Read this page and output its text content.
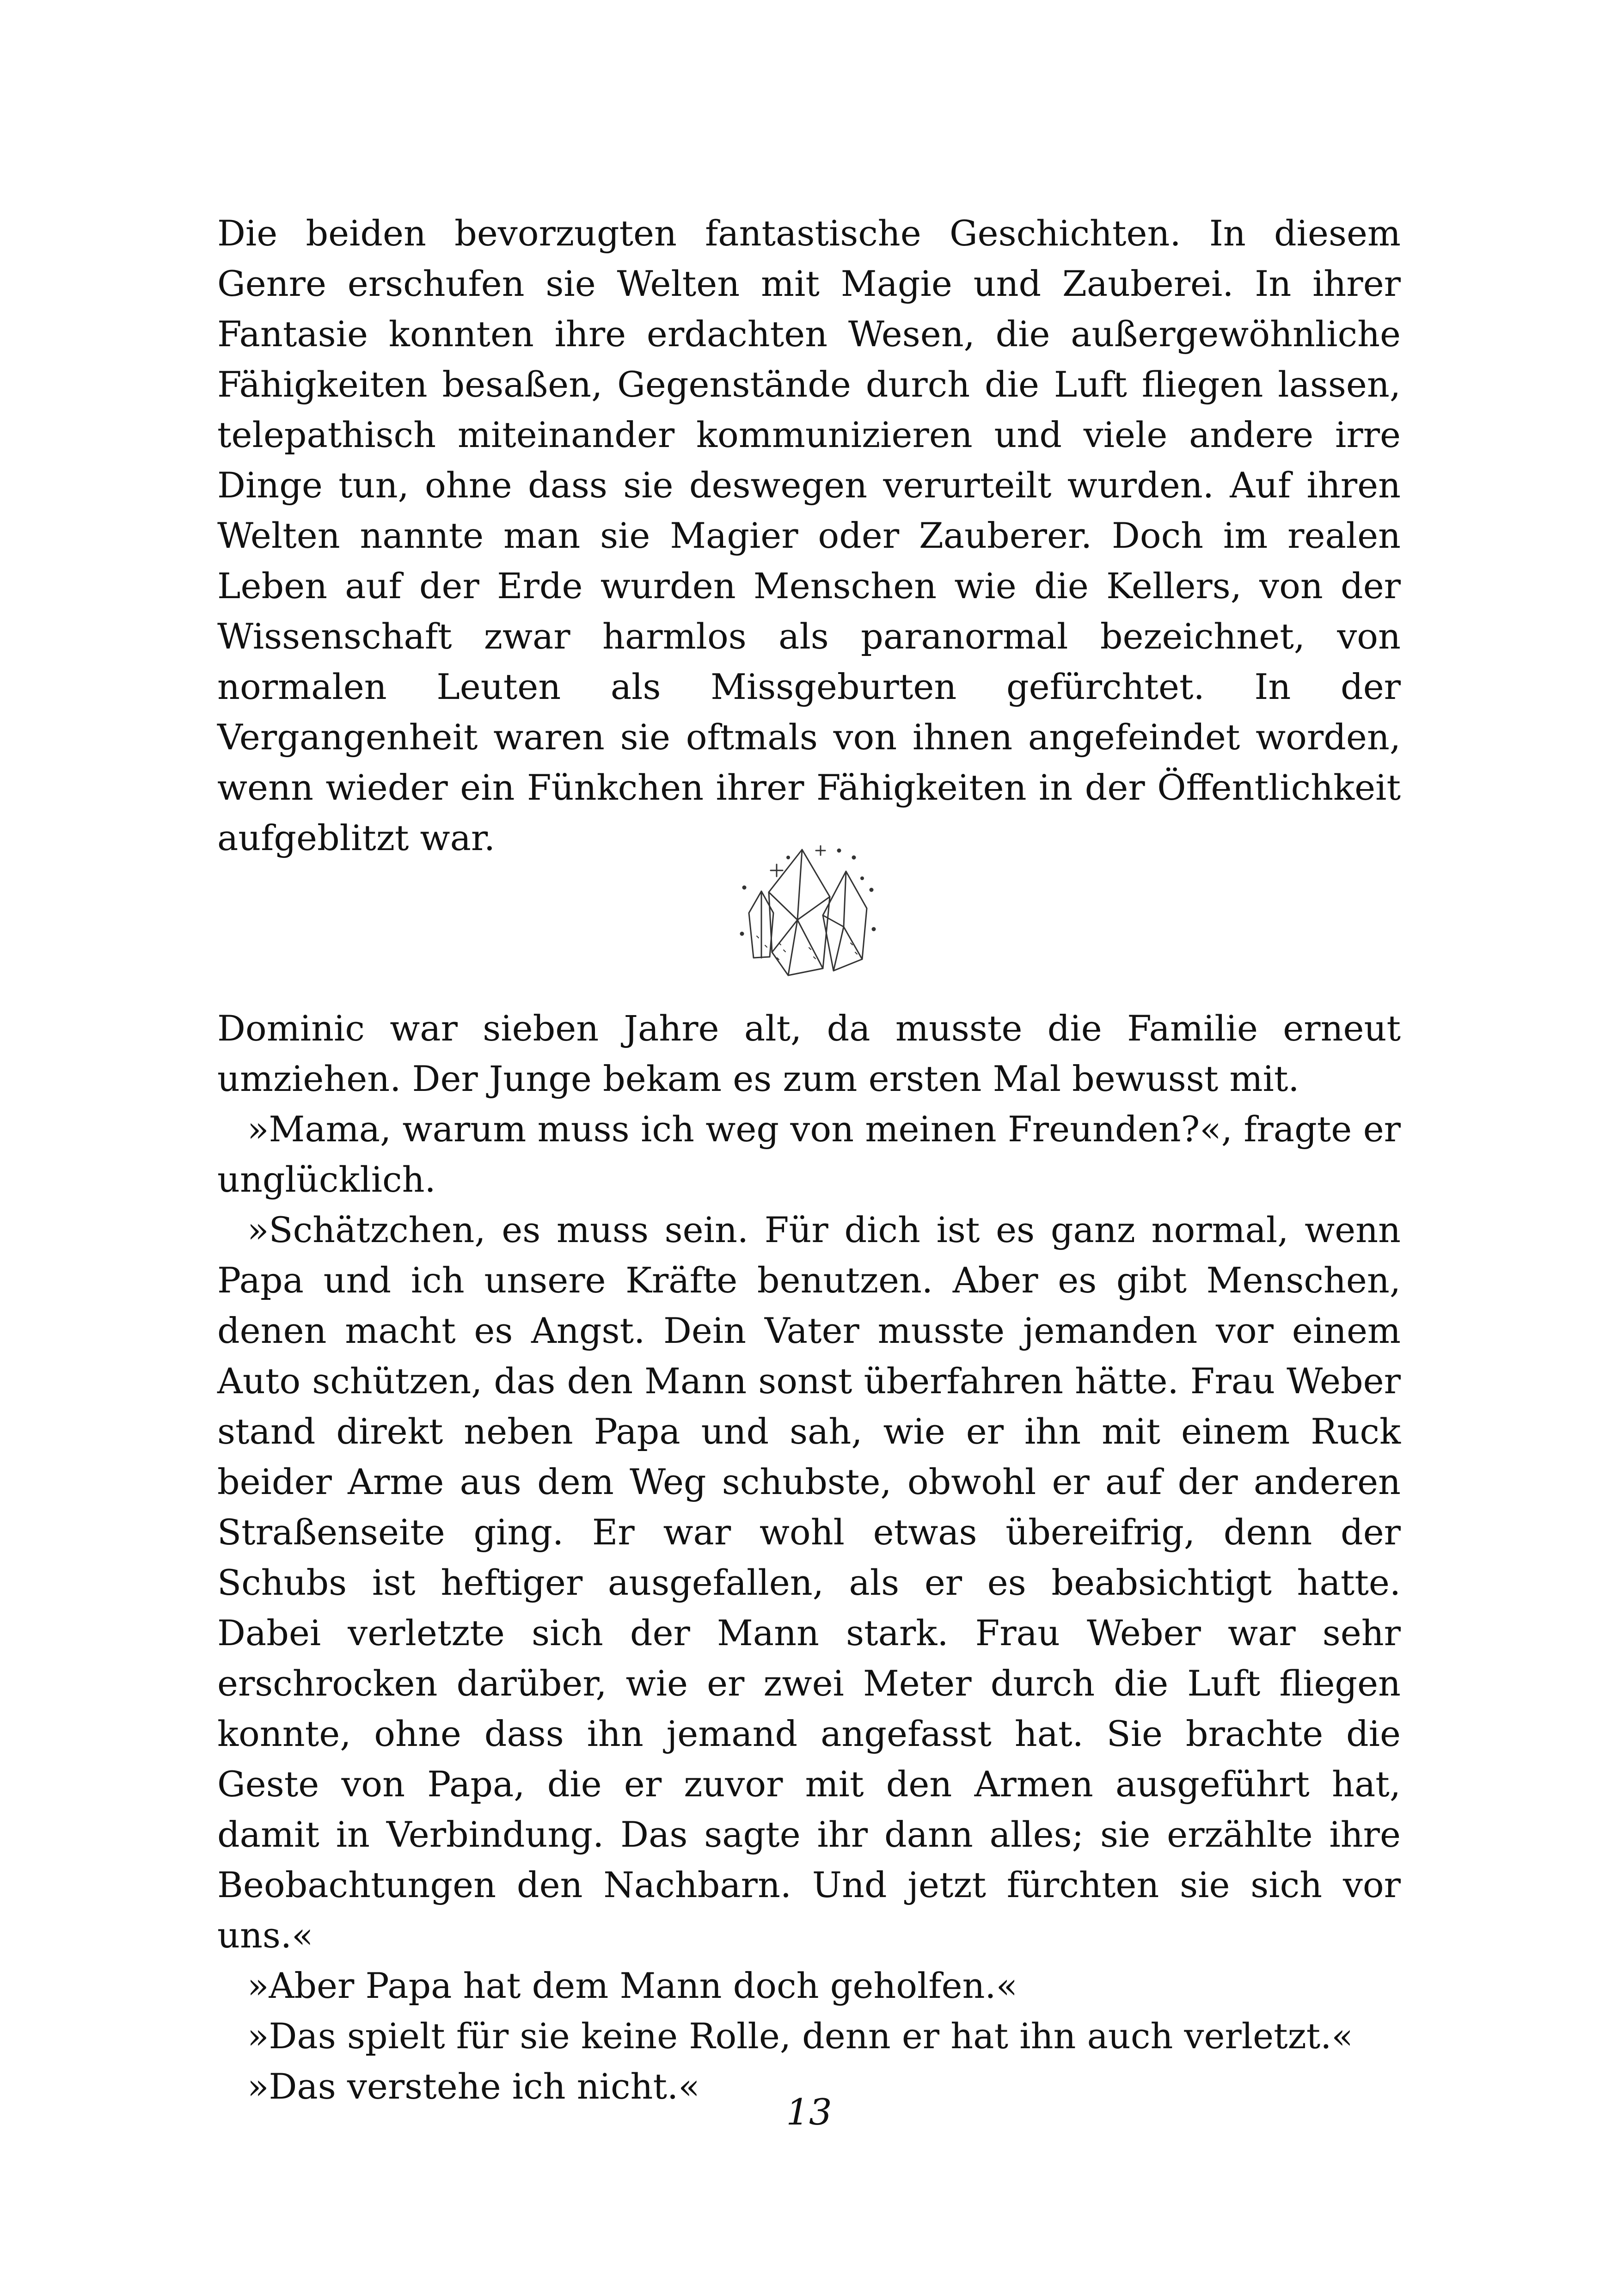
Die beiden bevorzugten fantastische Geschichten. In diesem Genre erschufen sie Welten mit Magie und Zauberei. In ihrer Fantasie konnten ihre erdachten Wesen, die außergewöhnliche Fähigkeiten besaßen, Gegenstände durch die Luft fliegen lassen, telepathisch miteinander kommunizieren und viele andere irre Dinge tun, ohne dass sie deswegen verurteilt wurden. Auf ihren Welten nannte man sie Magier oder Zauberer. Doch im realen Leben auf der Erde wurden Menschen wie die Kellers, von der Wissenschaft zwar harmlos als paranormal bezeichnet, von normalen Leuten als Missgeburten gefürchtet. In der Vergangenheit waren sie oftmals von ihnen angefeindet worden, wenn wieder ein Fünkchen ihrer Fähigkeiten in der Öffentlichkeit aufgeblitzt war.

Dominic war sieben Jahre alt, da musste die Familie erneut umziehen. Der Junge bekam es zum ersten Mal bewusst mit.

»Mama, warum muss ich weg von meinen Freunden?«, fragte er unglücklich.

»Schätzchen, es muss sein. Für dich ist es ganz normal, wenn Papa und ich unsere Kräfte benutzen. Aber es gibt Menschen, denen macht es Angst. Dein Vater musste jemanden vor einem Auto schützen, das den Mann sonst überfahren hätte. Frau Weber stand direkt neben Papa und sah, wie er ihn mit einem Ruck beider Arme aus dem Weg schubste, obwohl er auf der anderen Straßenseite ging. Er war wohl etwas übereifrig, denn der Schubs ist heftiger ausgefallen, als er es beabsichtigt hatte. Dabei verletzte sich der Mann stark. Frau Weber war sehr erschrocken darüber, wie er zwei Meter durch die Luft fliegen konnte, ohne dass ihn jemand angefasst hat. Sie brachte die Geste von Papa, die er zuvor mit den Armen ausgeführt hat, damit in Verbindung. Das sagte ihr dann alles; sie erzählte ihre Beobachtungen den Nachbarn. Und jetzt fürchten sie sich vor uns.«

»Aber Papa hat dem Mann doch geholfen.«

»Das spielt für sie keine Rolle, denn er hat ihn auch verletzt.«

»Das verstehe ich nicht.«

13
